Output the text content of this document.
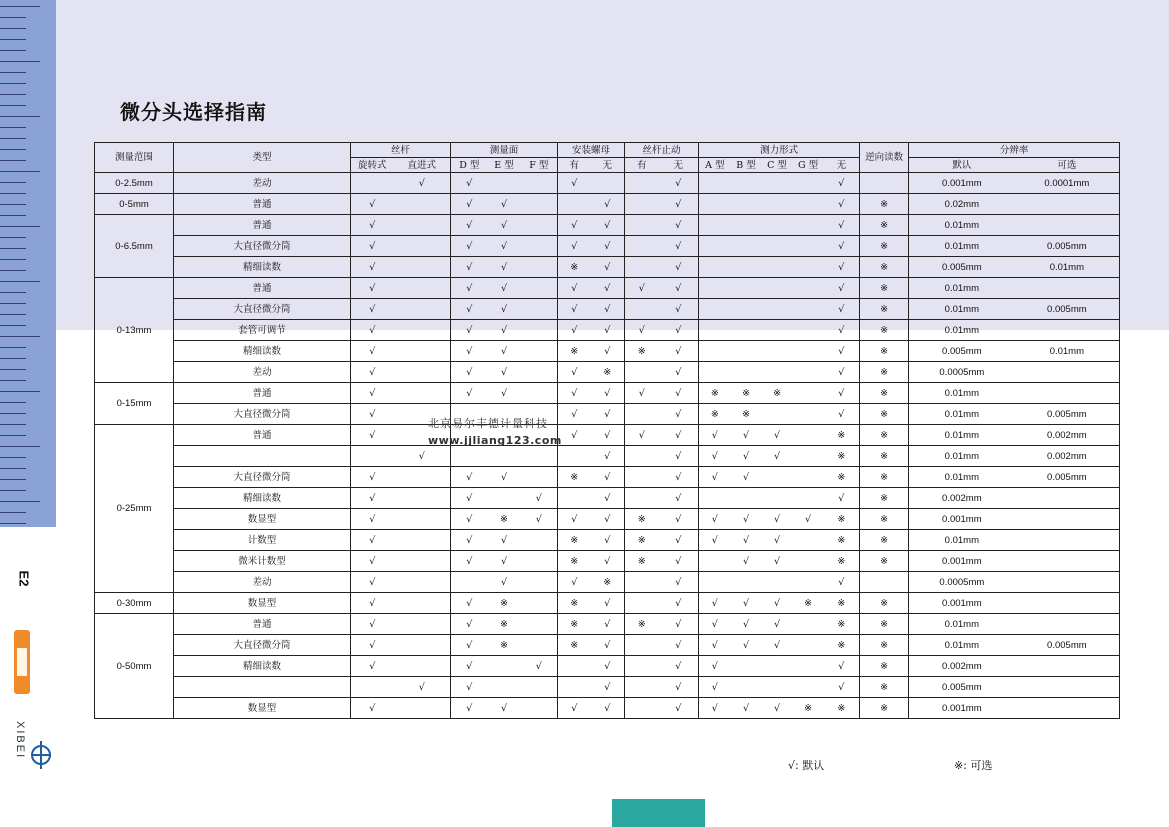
微分头选择指南
测量范围	类型	丝杆		测量面			安装螺母		丝杆止动		测力形式					逆向读数	分辨率	
		旋转式	直进式	D 型	E 型	F 型	有	无	有	无	A 型	B 型	C 型	G 型	无		默认	可选
0-2.5mm	差动		√	√			√			√					√		0.001mm	0.0001mm
0-5mm	普通	√		√	√			√		√					√	※	0.02mm	
0-6.5mm	普通	√		√	√		√	√		√					√	※	0.01mm	
	大直径微分筒	√		√	√		√	√		√					√	※	0.01mm	0.005mm
	精细读数	√		√	√		※	√		√					√	※	0.005mm	0.01mm
0-13mm	普通	√		√	√		√	√	√	√					√	※	0.01mm	
	大直径微分筒	√		√	√		√	√		√					√	※	0.01mm	0.005mm
	套管可调节	√		√	√		√	√	√	√					√	※	0.01mm	
	精细读数	√		√	√		※	√	※	√					√	※	0.005mm	0.01mm
	差动	√		√	√		√	※		√					√	※	0.0005mm	
0-15mm	普通	√		√	√		√	√	√	√	※	※	※		√	※	0.01mm	
	大直径微分筒	√					√	√		√	※	※			√	※	0.01mm	0.005mm
0-25mm	普通	√					√	√	√	√	√	√	√		※	※	0.01mm	0.002mm
			√					√		√	√	√	√		※	※	0.01mm	0.002mm
	大直径微分筒	√		√	√		※	√		√	√	√			※	※	0.01mm	0.005mm
	精细读数	√		√		√		√		√					√	※	0.002mm	
	数显型	√		√	※	√	√	√	※	√	√	√	√	√	※	※	0.001mm	
	计数型	√		√	√		※	√	※	√	√	√	√		※	※	0.01mm	
	微米计数型	√		√	√		※	√	※	√		√	√		※	※	0.001mm	
	差动	√			√		√	※		√					√		0.0005mm	
0-30mm	数显型	√		√	※		※	√		√	√	√	√	※	※	※	0.001mm	
0-50mm	普通	√		√	※		※	√	※	√	√	√	√		※	※	0.01mm	
	大直径微分筒	√		√	※		※	√		√	√	√	√		※	※	0.01mm	0.005mm
	精细读数	√		√		√		√		√	√				√	※	0.002mm	
			√	√				√		√	√				√	※	0.005mm	
	数显型	√		√	√		√	√		√	√	√	√	※	※	※	0.001mm	
北京易尔丰德计量科技
www.jjliang123.com
√: 默认	※: 可选
E2
XIBEI
